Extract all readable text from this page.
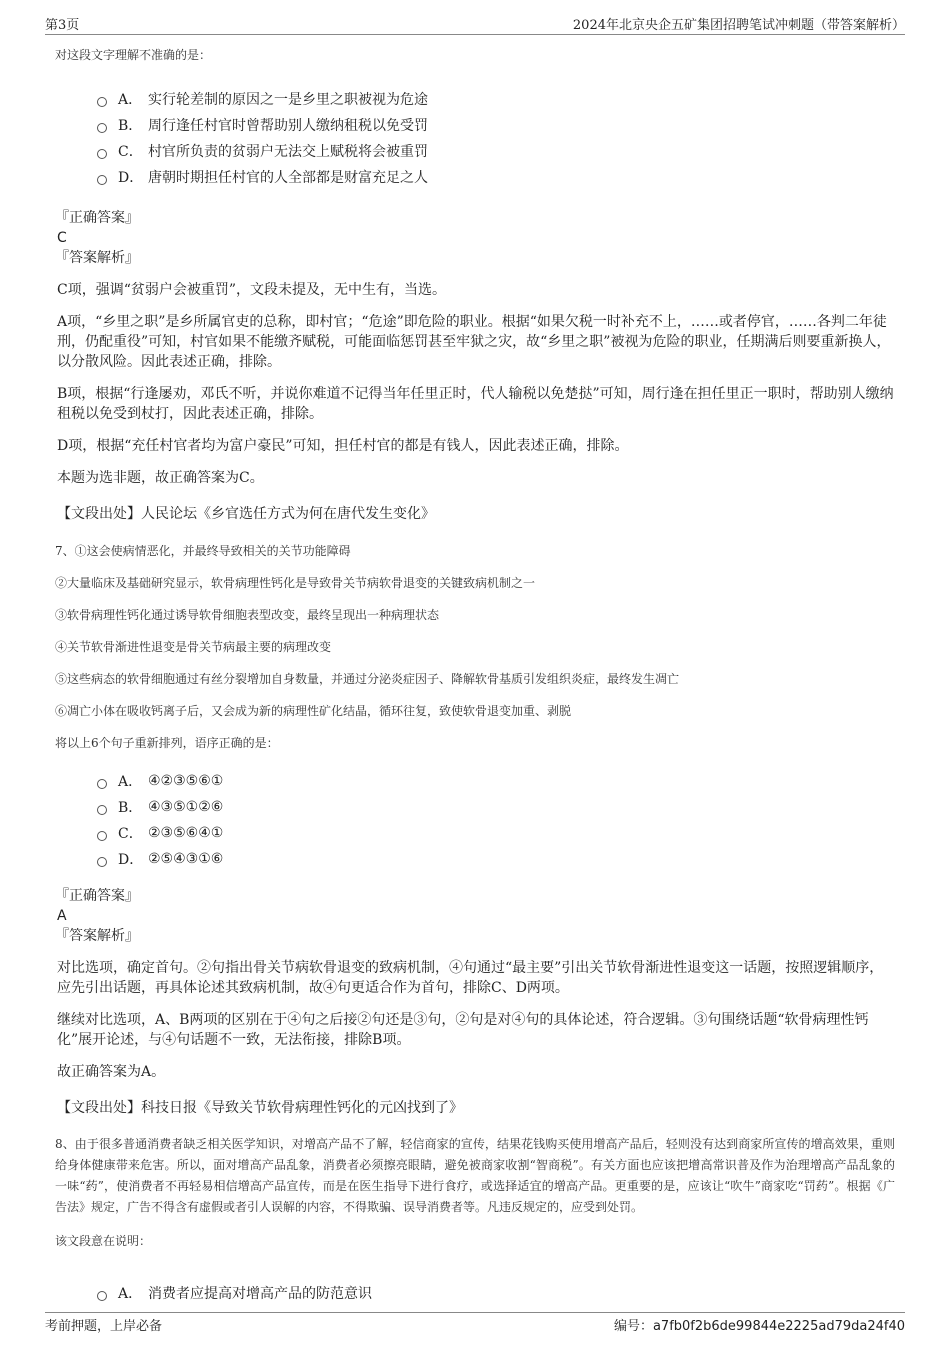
第3页	2024年北京央企五矿集团招聘笔试冲刺题（带答案解析）
对这段文字理解不准确的是：
A． 实行轮差制的原因之一是乡里之职被视为危途
B． 周行逢任村官时曾帮助别人缴纳租税以免受罚
C． 村官所负责的贫弱户无法交上赋税将会被重罚
D． 唐朝时期担任村官的人全部都是财富充足之人
『正确答案』
C
『答案解析』
C项，强调“贫弱户会被重罚”，文段未提及，无中生有，当选。
A项，“乡里之职”是乡所属官吏的总称，即村官；“危途”即危险的职业。根据“如果欠税一时补充不上，……或者停官，……各判二年徒刑，仍配重役”可知，村官如果不能缴齐赋税，可能面临惩罚甚至牢狱之灾，故“乡里之职”被视为危险的职业，任期满后则要重新换人，以分散风险。因此表述正确，排除。
B项，根据“行逢屡劝，邓氏不听，并说你难道不记得当年任里正时，代人输税以免楚挞”可知，周行逢在担任里正一职时，帮助别人缴纳租税以免受到杖打，因此表述正确，排除。
D项，根据“充任村官者均为富户豪民”可知，担任村官的都是有钱人，因此表述正确，排除。
本题为选非题，故正确答案为C。
【文段出处】人民论坛《乡官选任方式为何在唐代发生变化》
7、①这会使病情恶化，并最终导致相关的关节功能障碍
②大量临床及基础研究显示，软骨病理性钙化是导致骨关节病软骨退变的关键致病机制之一
③软骨病理性钙化通过诱导软骨细胞表型改变，最终呈现出一种病理状态
④关节软骨渐进性退变是骨关节病最主要的病理改变
⑤这些病态的软骨细胞通过有丝分裂增加自身数量，并通过分泌炎症因子、降解软骨基质引发组织炎症，最终发生凋亡
⑥凋亡小体在吸收钙离子后，又会成为新的病理性矿化结晶，循环往复，致使软骨退变加重、剥脱
将以上6个句子重新排列，语序正确的是：
A． ④②③⑤⑥①
B． ④③⑤①②⑥
C． ②③⑤⑥④①
D． ②⑤④③①⑥
『正确答案』
A
『答案解析』
对比选项，确定首句。②句指出骨关节病软骨退变的致病机制，④句通过“最主要”引出关节软骨渐进性退变这一话题，按照逻辑顺序，应先引出话题，再具体论述其致病机制，故④句更适合作为首句，排除C、D两项。
继续对比选项，A、B两项的区别在于④句之后接②句还是③句，②句是对④句的具体论述，符合逻辑。③句围绕话题“软骨病理性钙化”展开论述，与④句话题不一致，无法衔接，排除B项。
故正确答案为A。
【文段出处】科技日报《导致关节软骨病理性钙化的元凶找到了》
8、由于很多普通消费者缺乏相关医学知识，对增高产品不了解，轻信商家的宣传，结果花钱购买使用增高产品后，轻则没有达到商家所宣传的增高效果，重则给身体健康带来危害。所以，面对增高产品乱象，消费者必须擦亮眼睛，避免被商家收割“智商税”。有关方面也应该把增高常识普及作为治理增高产品乱象的一味“药”，使消费者不再轻易相信增高产品宣传，而是在医生指导下进行食疗，或选择适宜的增高产品。更重要的是，应该让“吹牛”商家吃“罚药”。根据《广告法》规定，广告不得含有虚假或者引人误解的内容，不得欺骗、误导消费者等。凡违反规定的，应受到处罚。
该文段意在说明：
A． 消费者应提高对增高产品的防范意识
考前押题，上岸必备	编号：a7fb0f2b6de99844e2225ad79da24f40
